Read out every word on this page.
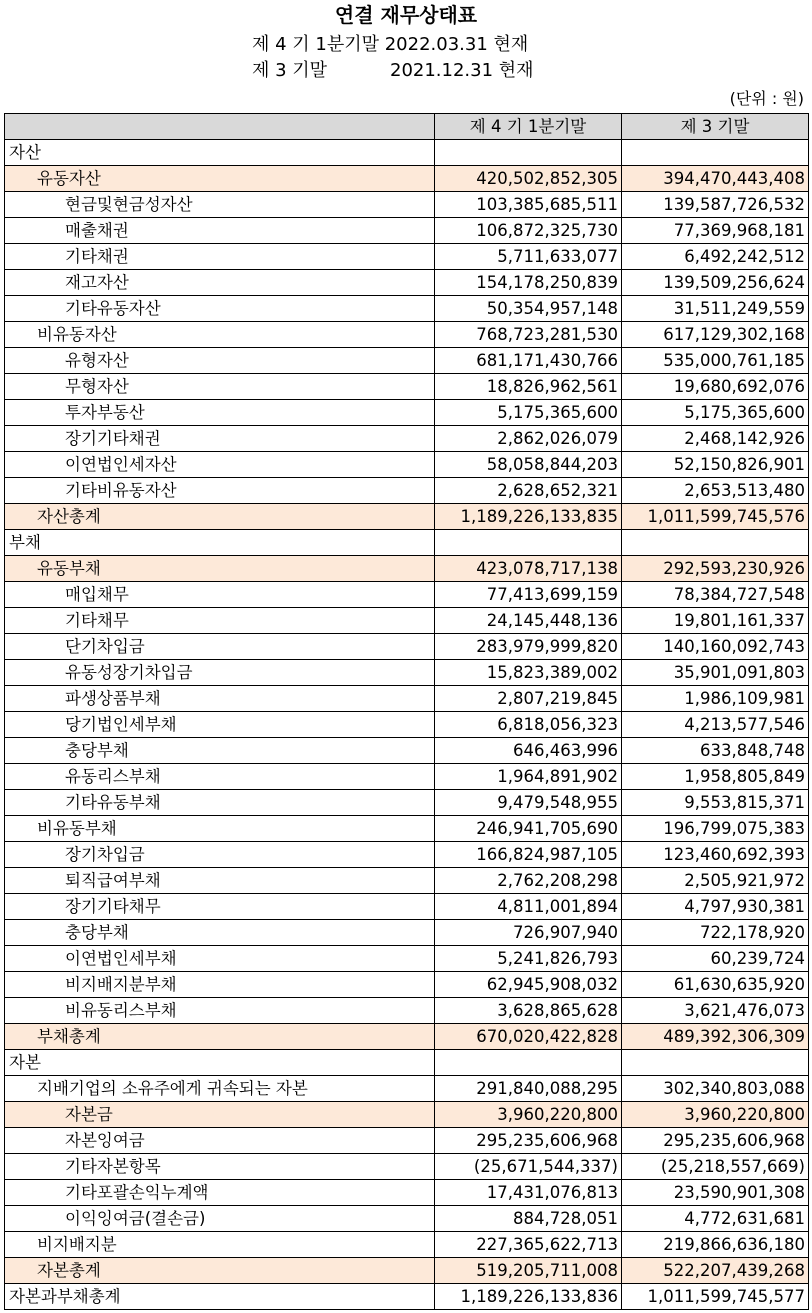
연결 재무상태표
제 4 기 1분기말 2022.03.31 현재
제 3 기말           2021.12.31 현재
(단위 : 원)
	제 4 기 1분기말	제 3 기말
자산		
유동자산	420,502,852,305	394,470,443,408
현금및현금성자산	103,385,685,511	139,587,726,532
매출채권	106,872,325,730	77,369,968,181
기타채권	5,711,633,077	6,492,242,512
재고자산	154,178,250,839	139,509,256,624
기타유동자산	50,354,957,148	31,511,249,559
비유동자산	768,723,281,530	617,129,302,168
유형자산	681,171,430,766	535,000,761,185
무형자산	18,826,962,561	19,680,692,076
투자부동산	5,175,365,600	5,175,365,600
장기기타채권	2,862,026,079	2,468,142,926
이연법인세자산	58,058,844,203	52,150,826,901
기타비유동자산	2,628,652,321	2,653,513,480
자산총계	1,189,226,133,835	1,011,599,745,576
부채		
유동부채	423,078,717,138	292,593,230,926
매입채무	77,413,699,159	78,384,727,548
기타채무	24,145,448,136	19,801,161,337
단기차입금	283,979,999,820	140,160,092,743
유동성장기차입금	15,823,389,002	35,901,091,803
파생상품부채	2,807,219,845	1,986,109,981
당기법인세부채	6,818,056,323	4,213,577,546
충당부채	646,463,996	633,848,748
유동리스부채	1,964,891,902	1,958,805,849
기타유동부채	9,479,548,955	9,553,815,371
비유동부채	246,941,705,690	196,799,075,383
장기차입금	166,824,987,105	123,460,692,393
퇴직급여부채	2,762,208,298	2,505,921,972
장기기타채무	4,811,001,894	4,797,930,381
충당부채	726,907,940	722,178,920
이연법인세부채	5,241,826,793	60,239,724
비지배지분부채	62,945,908,032	61,630,635,920
비유동리스부채	3,628,865,628	3,621,476,073
부채총계	670,020,422,828	489,392,306,309
자본		
지배기업의 소유주에게 귀속되는 자본	291,840,088,295	302,340,803,088
자본금	3,960,220,800	3,960,220,800
자본잉여금	295,235,606,968	295,235,606,968
기타자본항목	(25,671,544,337)	(25,218,557,669)
기타포괄손익누계액	17,431,076,813	23,590,901,308
이익잉여금(결손금)	884,728,051	4,772,631,681
비지배지분	227,365,622,713	219,866,636,180
자본총계	519,205,711,008	522,207,439,268
자본과부채총계	1,189,226,133,836	1,011,599,745,577
